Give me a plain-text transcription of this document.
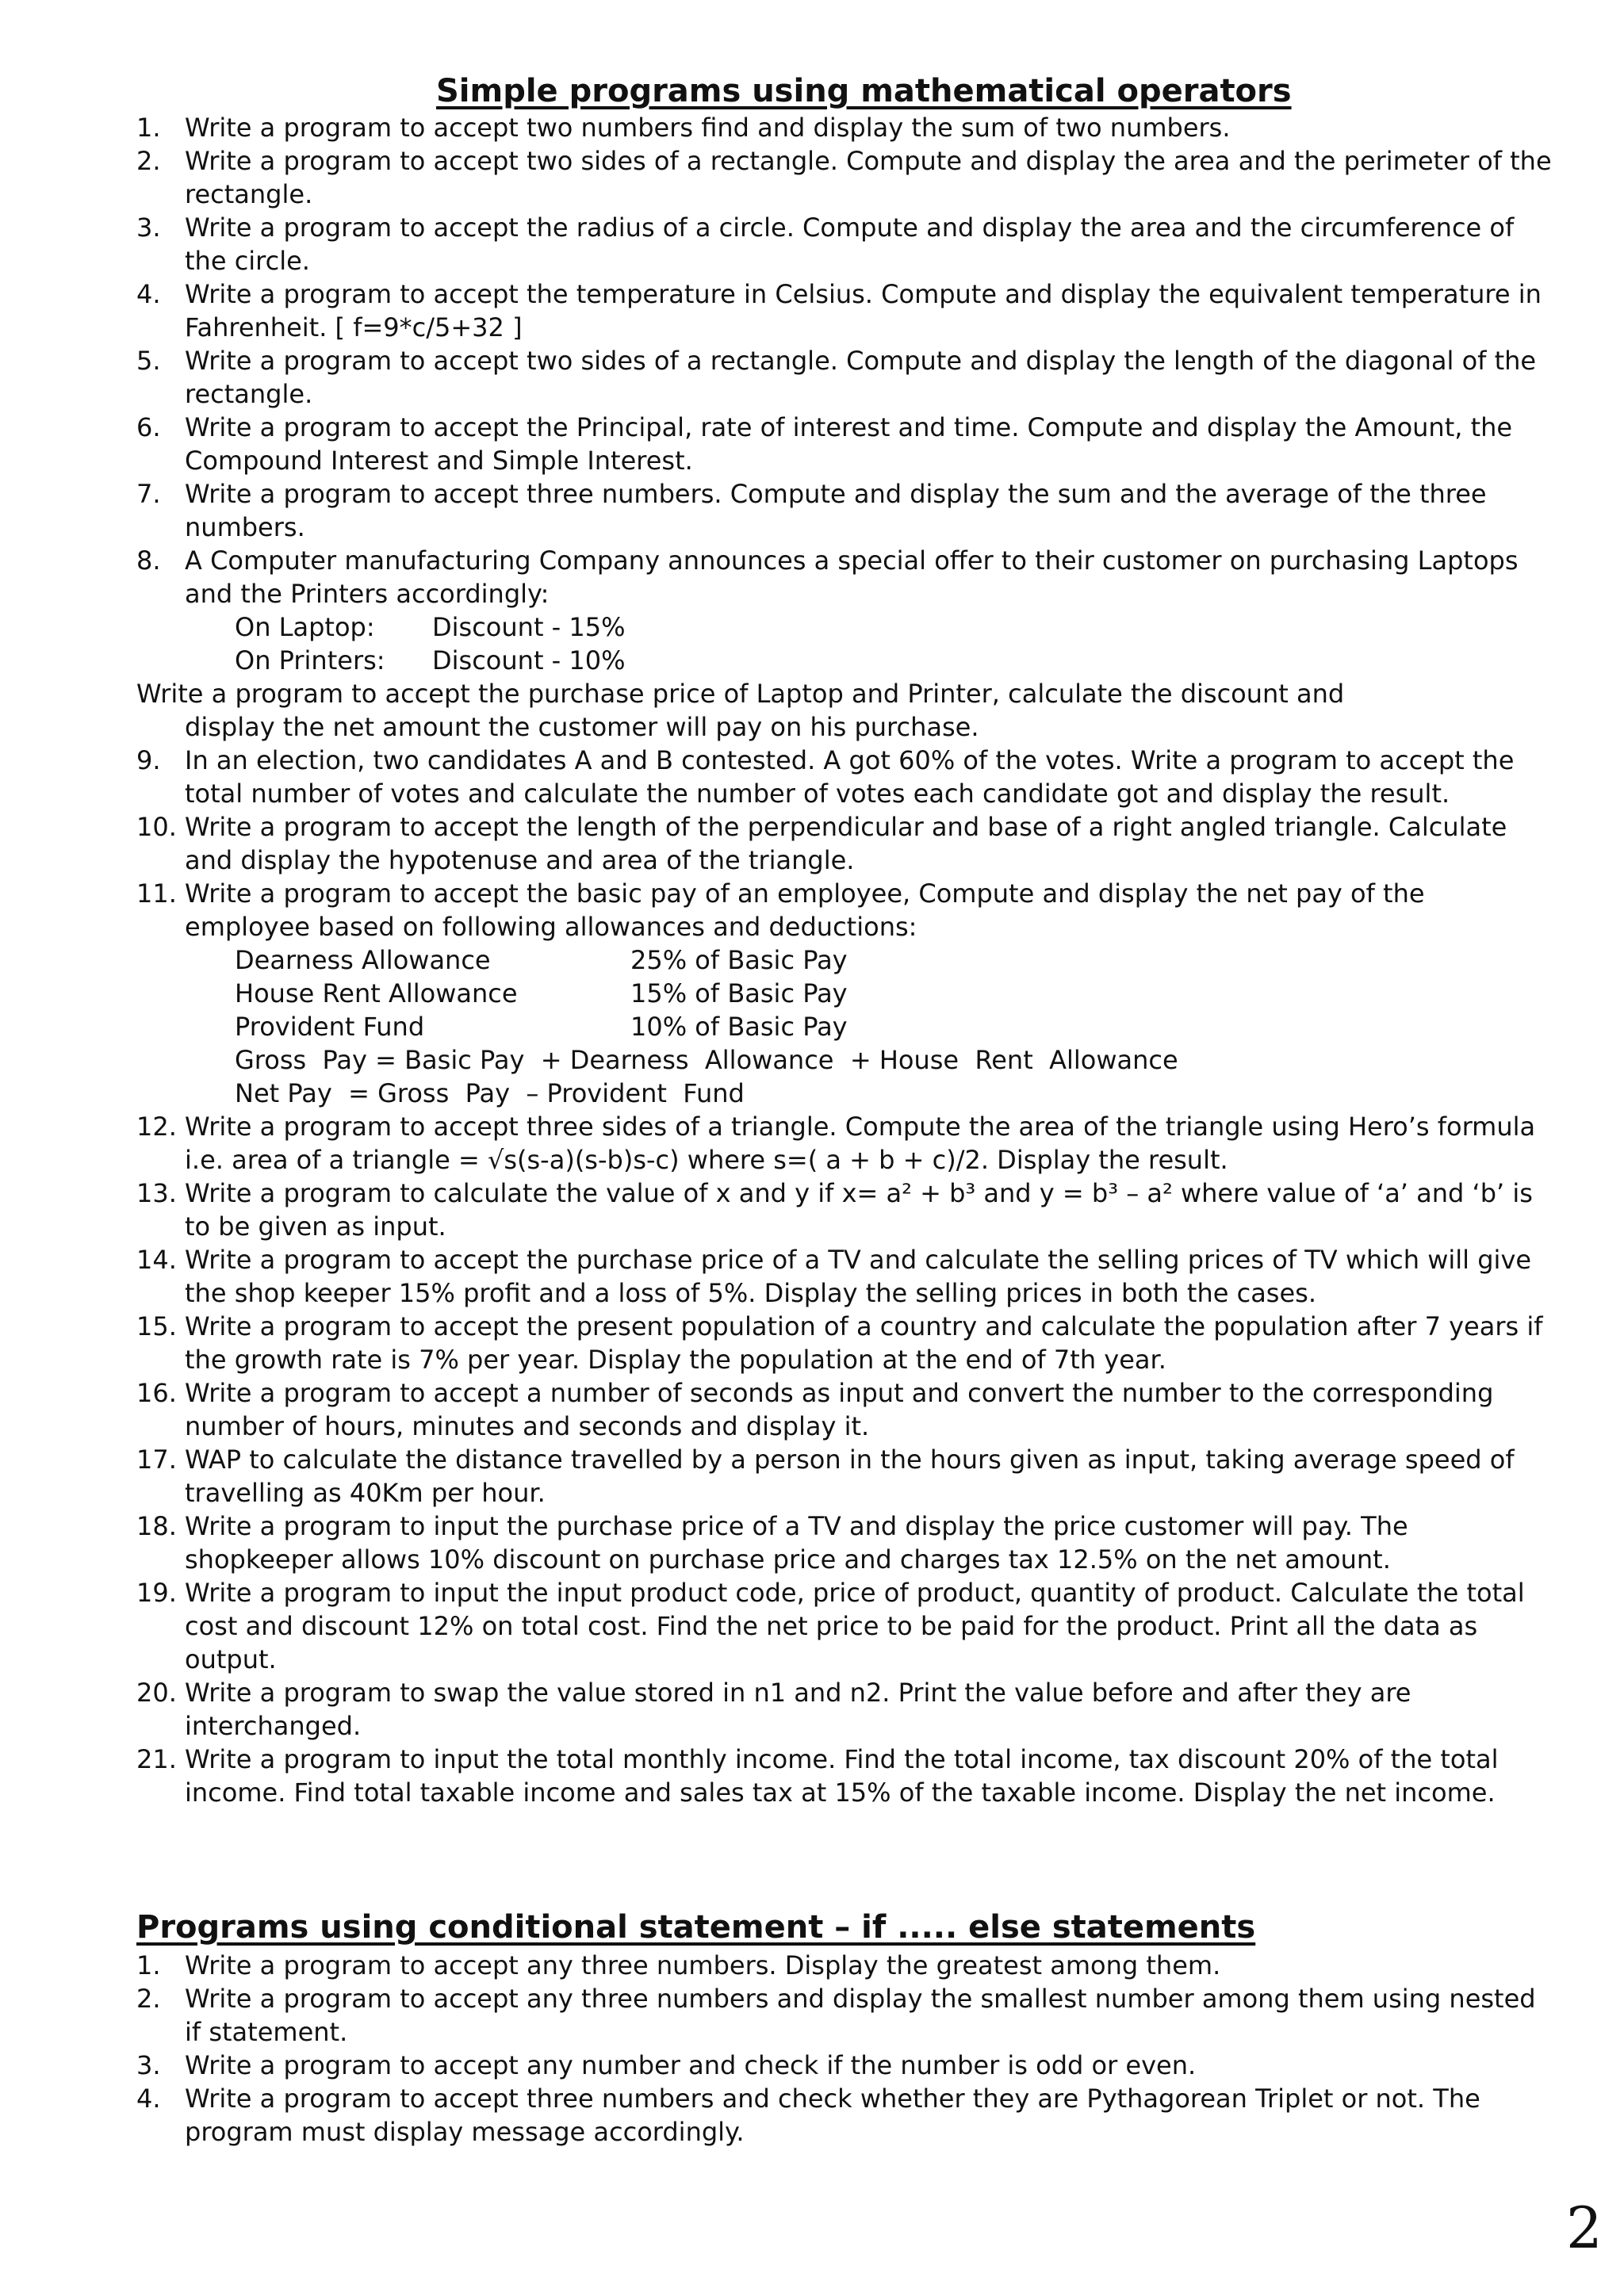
Simple programs using mathematical operators
1. Write a program to accept two numbers find and display the sum of two numbers.
2. Write a program to accept two sides of a rectangle. Compute and display the area and the perimeter of the rectangle.
3. Write a program to accept the radius of a circle. Compute and display the area and the circumference of the circle.
4. Write a program to accept the temperature in Celsius. Compute and display the equivalent temperature in Fahrenheit. [ f=9*c/5+32 ]
5. Write a program to accept two sides of a rectangle. Compute and display the length of the diagonal of the rectangle.
6. Write a program to accept the Principal, rate of interest and time. Compute and display the Amount, the Compound Interest and Simple Interest.
7. Write a program to accept three numbers. Compute and display the sum and the average of the three numbers.
8. A Computer manufacturing Company announces a special offer to their customer on purchasing Laptops and the Printers accordingly:
On Laptop: Discount - 15%
On Printers: Discount - 10%
Write a program to accept the purchase price of Laptop and Printer, calculate the discount and
display the net amount the customer will pay on his purchase.
9. In an election, two candidates A and B contested. A got 60% of the votes. Write a program to accept the total number of votes and calculate the number of votes each candidate got and display the result.
10. Write a program to accept the length of the perpendicular and base of a right angled triangle. Calculate and display the hypotenuse and area of the triangle.
11. Write a program to accept the basic pay of an employee, Compute and display the net pay of the employee based on following allowances and deductions:
Dearness Allowance	25% of Basic Pay
House Rent Allowance	15% of Basic Pay
Provident Fund	10% of Basic Pay
Gross  Pay = Basic Pay  + Dearness  Allowance  + House  Rent  Allowance
Net Pay  = Gross  Pay  – Provident  Fund
12. Write a program to accept three sides of a triangle. Compute the area of the triangle using Hero’s formula i.e. area of a triangle = √s(s-a)(s-b)s-c) where s=( a + b + c)/2. Display the result.
13. Write a program to calculate the value of x and y if x= a² + b³ and y = b³ – a² where value of ‘a’ and ‘b’ is to be given as input.
14. Write a program to accept the purchase price of a TV and calculate the selling prices of TV which will give the shop keeper 15% profit and a loss of 5%. Display the selling prices in both the cases.
15. Write a program to accept the present population of a country and calculate the population after 7 years if the growth rate is 7% per year. Display the population at the end of 7th year.
16. Write a program to accept a number of seconds as input and convert the number to the corresponding number of hours, minutes and seconds and display it.
17. WAP to calculate the distance travelled by a person in the hours given as input, taking average speed of travelling as 40Km per hour.
18. Write a program to input the purchase price of a TV and display the price customer will pay. The shopkeeper allows 10% discount on purchase price and charges tax 12.5% on the net amount.
19. Write a program to input the input product code, price of product, quantity of product. Calculate the total cost and discount 12% on total cost. Find the net price to be paid for the product. Print all the data as output.
20. Write a program to swap the value stored in n1 and n2. Print the value before and after they are interchanged.
21. Write a program to input the total monthly income. Find the total income, tax discount 20% of the total income. Find total taxable income and sales tax at 15% of the taxable income. Display the net income.
Programs using conditional statement – if ..... else statements
1. Write a program to accept any three numbers. Display the greatest among them.
2. Write a program to accept any three numbers and display the smallest number among them using nested if statement.
3. Write a program to accept any number and check if the number is odd or even.
4. Write a program to accept three numbers and check whether they are Pythagorean Triplet or not. The program must display message accordingly.
2
